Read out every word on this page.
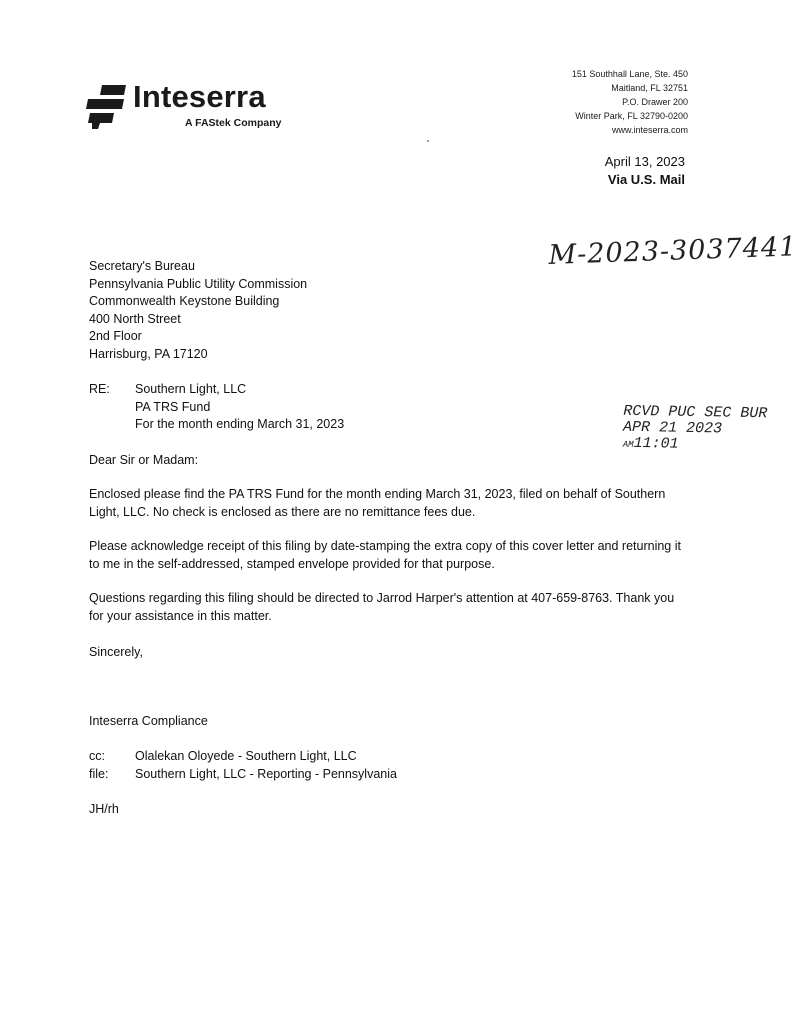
Inteserra
A FAStek Company
151 Southhall Lane, Ste. 450
Maitland, FL 32751
P.O. Drawer 200
Winter Park, FL 32790-0200
www.inteserra.com
April 13, 2023
Via U.S. Mail
M-2023-3037441
Secretary's Bureau
Pennsylvania Public Utility Commission
Commonwealth Keystone Building
400 North Street
2nd Floor
Harrisburg, PA 17120
RE: Southern Light, LLC
PA TRS Fund
For the month ending March 31, 2023
RCVD PUC SEC BUR
APR 21 2023 AM11:01
Dear Sir or Madam:
Enclosed please find the PA TRS Fund for the month ending March 31, 2023, filed on behalf of Southern Light, LLC. No check is enclosed as there are no remittance fees due.
Please acknowledge receipt of this filing by date-stamping the extra copy of this cover letter and returning it to me in the self-addressed, stamped envelope provided for that purpose.
Questions regarding this filing should be directed to Jarrod Harper's attention at 407-659-8763. Thank you for your assistance in this matter.
Sincerely,
Inteserra Compliance
cc: Olalekan Oloyede - Southern Light, LLC
file: Southern Light, LLC - Reporting - Pennsylvania
JH/rh
